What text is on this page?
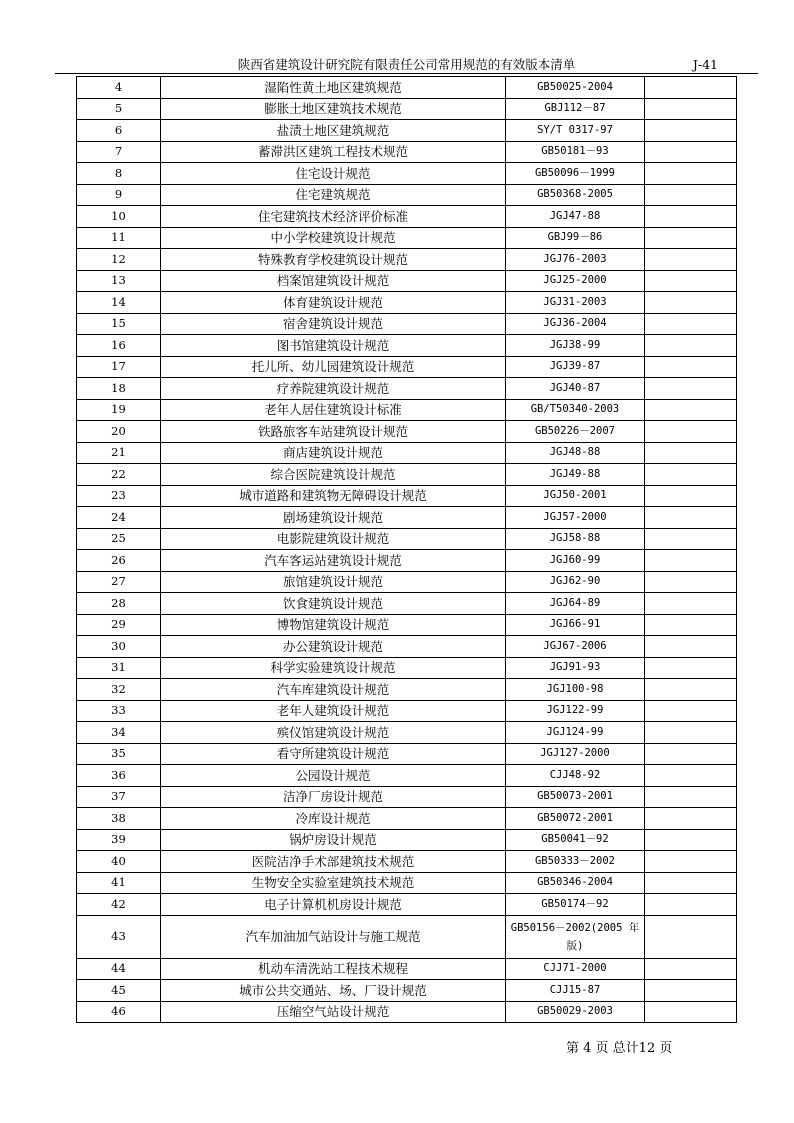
陕西省建筑设计研究院有限责任公司常用规范的有效版本清单	J-41
4	湿陷性黄土地区建筑规范	GB50025-2004	
5	膨胀土地区建筑技术规范	GBJ112－87	
6	盐渍土地区建筑规范	SY/T 0317-97	
7	蓄滞洪区建筑工程技术规范	GB50181－93	
8	住宅设计规范	GB50096－1999	
9	住宅建筑规范	GB50368-2005	
10	住宅建筑技术经济评价标准	JGJ47-88	
11	中小学校建筑设计规范	GBJ99－86	
12	特殊教育学校建筑设计规范	JGJ76-2003	
13	档案馆建筑设计规范	JGJ25-2000	
14	体育建筑设计规范	JGJ31-2003	
15	宿舍建筑设计规范	JGJ36-2004	
16	图书馆建筑设计规范	JGJ38-99	
17	托儿所、幼儿园建筑设计规范	JGJ39-87	
18	疗养院建筑设计规范	JGJ40-87	
19	老年人居住建筑设计标准	GB/T50340-2003	
20	铁路旅客车站建筑设计规范	GB50226－2007	
21	商店建筑设计规范	JGJ48-88	
22	综合医院建筑设计规范	JGJ49-88	
23	城市道路和建筑物无障碍设计规范	JGJ50-2001	
24	剧场建筑设计规范	JGJ57-2000	
25	电影院建筑设计规范	JGJ58-88	
26	汽车客运站建筑设计规范	JGJ60-99	
27	旅馆建筑设计规范	JGJ62-90	
28	饮食建筑设计规范	JGJ64-89	
29	博物馆建筑设计规范	JGJ66-91	
30	办公建筑设计规范	JGJ67-2006	
31	科学实验建筑设计规范	JGJ91-93	
32	汽车库建筑设计规范	JGJ100-98	
33	老年人建筑设计规范	JGJ122-99	
34	殡仪馆建筑设计规范	JGJ124-99	
35	看守所建筑设计规范	JGJ127-2000	
36	公园设计规范	CJJ48-92	
37	洁净厂房设计规范	GB50073-2001	
38	冷库设计规范	GB50072-2001	
39	锅炉房设计规范	GB50041－92	
40	医院洁净手术部建筑技术规范	GB50333－2002	
41	生物安全实验室建筑技术规范	GB50346-2004	
42	电子计算机机房设计规范	GB50174－92	
43	汽车加油加气站设计与施工规范	GB50156－2002(2005 年版)	
44	机动车清洗站工程技术规程	CJJ71-2000	
45	城市公共交通站、场、厂设计规范	CJJ15-87	
46	压缩空气站设计规范	GB50029-2003	
第 4 页 总计12 页
